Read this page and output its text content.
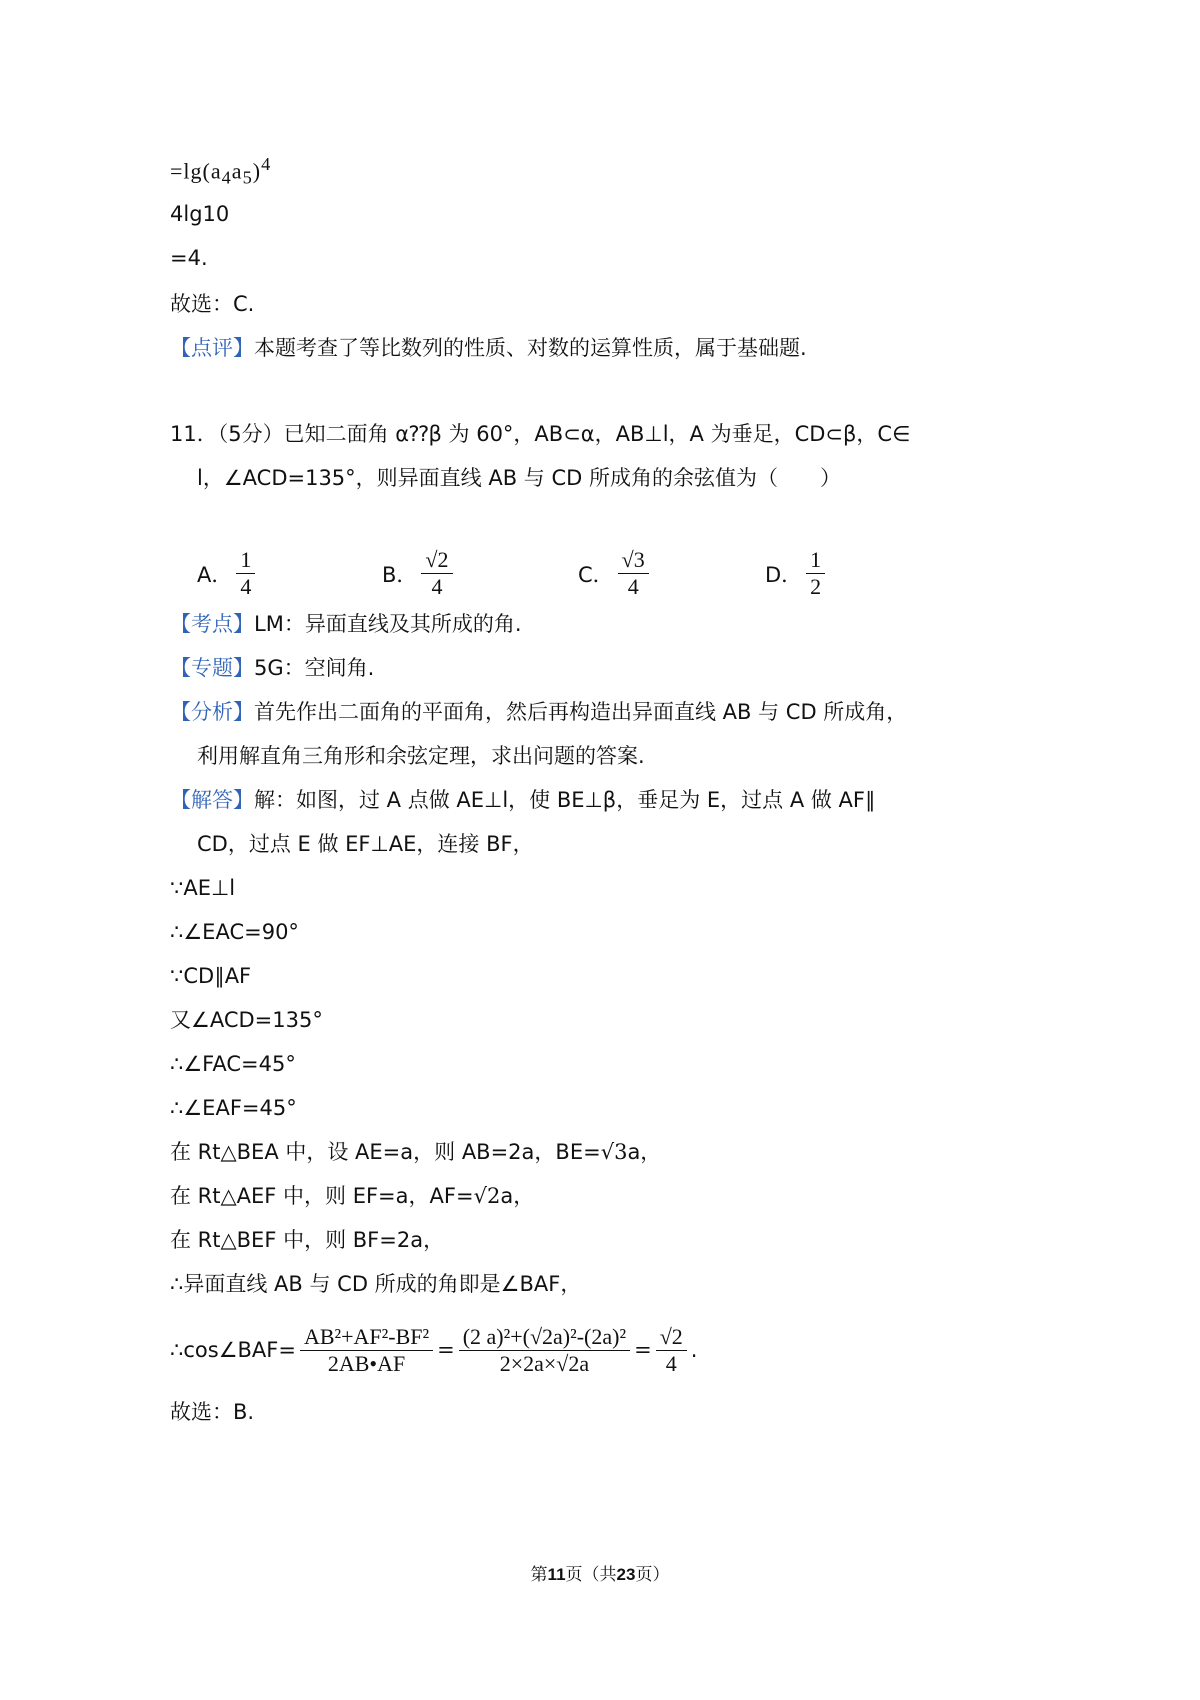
$=\lg(a_4a_5)^4$
4lg10
=4.
故选：C.
【点评】本题考查了等比数列的性质、对数的运算性质，属于基础题.
11．（5分）已知二面角 α⁇β 为 60°，AB⊂α，AB⊥l，A 为垂足，CD⊂β，C∈
l，∠ACD=135°，则异面直线 AB 与 CD 所成角的余弦值为（　　）
A． $\frac{1}{4}$	B． $\frac{√2}{4}$	C． $\frac{√3}{4}$	D． $\frac{1}{2}$
【考点】LM：异面直线及其所成的角.
【专题】5G：空间角.
【分析】首先作出二面角的平面角，然后再构造出异面直线 AB 与 CD 所成角，
利用解直角三角形和余弦定理，求出问题的答案.
【解答】解：如图，过 A 点做 AE⊥l，使 BE⊥β，垂足为 E，过点 A 做 AF∥
CD，过点 E 做 EF⊥AE，连接 BF，
∵AE⊥l
∴∠EAC=90°
∵CD∥AF
又∠ACD=135°
∴∠FAC=45°
∴∠EAF=45°
在 Rt△BEA 中，设 AE=a，则 AB=2a，BE=√3a，
在 Rt△AEF 中，则 EF=a，AF=√2a，
在 Rt△BEF 中，则 BF=2a，
∴异面直线 AB 与 CD 所成的角即是∠BAF，
∴cos∠BAF= $\frac{\text{AB²+AF²-BF²}}{2AB•AF} = \frac{\text{(2 a)²+(√2a)²-(2a)²}}{2\times 2a\times√2a} = \frac{√2}{4}$ .
故选：B.
第11页（共23页）
